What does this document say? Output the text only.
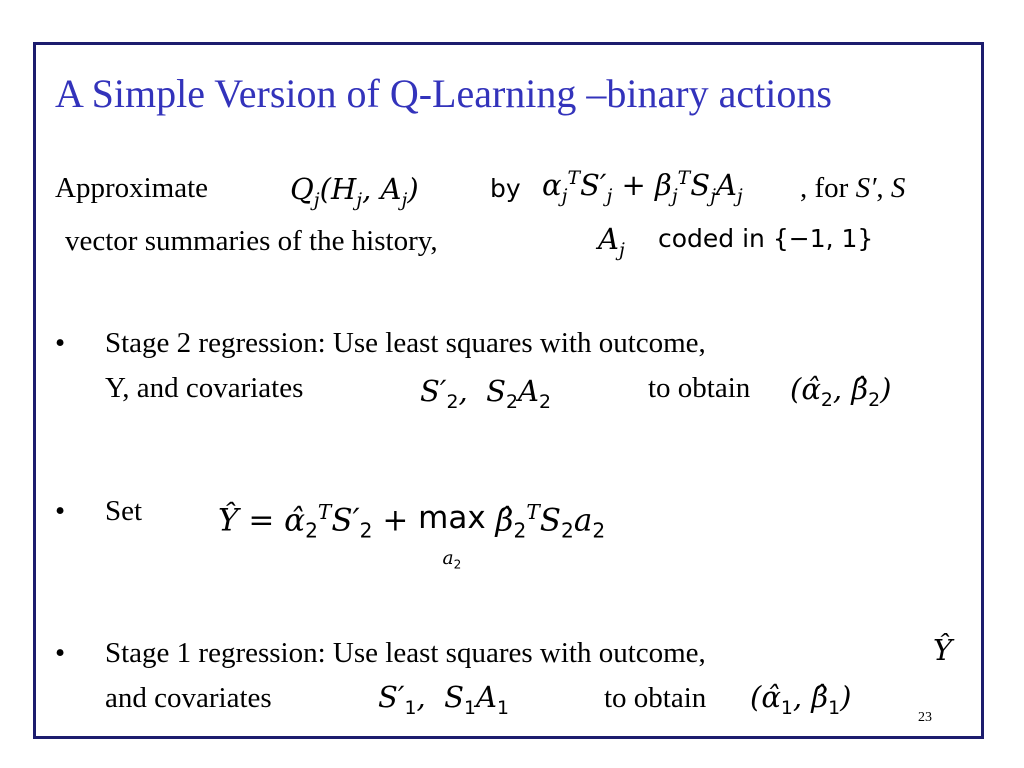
A Simple Version of Q-Learning –binary actions
Approximate	$Q_j(H_j$, $A_j$)	by $\alpha_j^TS'_j + \beta_j^TS_jA_j$ , for S′, S
vector summaries of the history,	$A_j$ coded in {−1, 1}
• Stage 2 regression: Use least squares with outcome,
Y, and covariates	$S'_2$,  $S_2A_2$	to obtain ($\alphâ_2$, $\betâ_2$)
• Set Ŷ = $\alphâ_2^TS'_2 + \max$
$a_2$ $\betâ_2^TS_2a_2$
• Stage 1 regression: Use least squares with outcome,	Ŷ
and covariates	$S'_1$,  $S_1A_1$	to obtain ($\alphâ_1$, $\betâ_1$)
23
